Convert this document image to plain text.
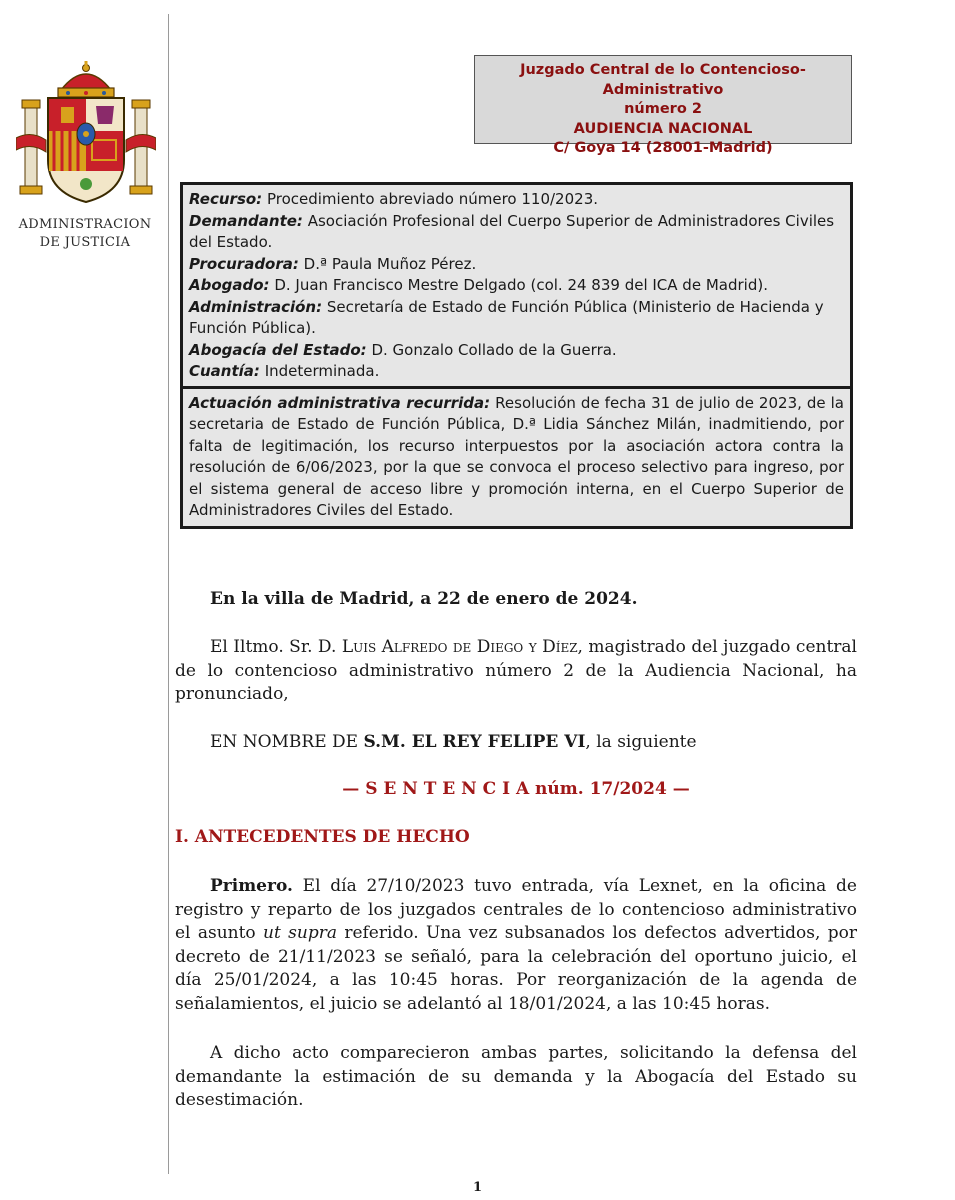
ADMINISTRACION
DE JUSTICIA
Juzgado Central de lo Contencioso-Administrativo
número 2
AUDIENCIA NACIONAL
C/ Goya 14 (28001-Madrid)
Recurso: Procedimiento abreviado número 110/2023.
Demandante: Asociación Profesional del Cuerpo Superior de Administradores Civiles del Estado.
Procuradora: D.ª Paula Muñoz Pérez.
Abogado: D. Juan Francisco Mestre Delgado (col. 24 839 del ICA de Madrid).
Administración: Secretaría de Estado de Función Pública (Ministerio de Hacienda y Función Pública).
Abogacía del Estado: D. Gonzalo Collado de la Guerra.
Cuantía: Indeterminada.
Actuación administrativa recurrida: Resolución de fecha 31 de julio de 2023, de la secretaria de Estado de Función Pública, D.ª Lidia Sánchez Milán, inadmitiendo, por falta de legitimación, los recurso interpuestos por la asociación actora contra la resolución de 6/06/2023, por la que se convoca el proceso selectivo para ingreso, por el sistema general de acceso libre y promoción interna, en el Cuerpo Superior de Administradores Civiles del Estado.
En la villa de Madrid, a 22 de enero de 2024.
El Iltmo. Sr. D. Luis Alfredo de Diego y Díez, magistrado del juzgado central de lo contencioso administrativo número 2 de la Audiencia Nacional, ha pronunciado,
EN NOMBRE DE S.M. EL REY FELIPE VI, la siguiente
— S E N T E N C I A núm. 17/2024 —
I. ANTECEDENTES DE HECHO
Primero. El día 27/10/2023 tuvo entrada, vía Lexnet, en la oficina de registro y reparto de los juzgados centrales de lo contencioso administrativo el asunto ut supra referido. Una vez subsanados los defectos advertidos, por decreto de 21/11/2023 se señaló, para la celebración del oportuno juicio, el día 25/01/2024, a las 10:45 horas. Por reorganización de la agenda de señalamientos, el juicio se adelantó al 18/01/2024, a las 10:45 horas.
A dicho acto comparecieron ambas partes, solicitando la defensa del demandante la estimación de su demanda y la Abogacía del Estado su desestimación.
1
